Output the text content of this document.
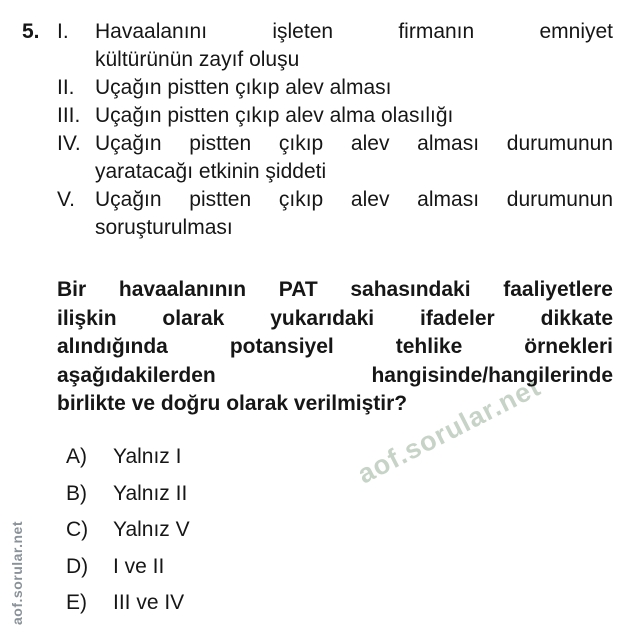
aof.sorular.net
aof.sorular.net
5. I.	Havaalanını işleten firmanın emniyet
kültürünün zayıf oluşu
II. Uçağın pistten çıkıp alev alması
III. Uçağın pistten çıkıp alev alma olasılığı
IV. Uçağın pistten çıkıp alev alması durumunun
yaratacağı etkinin şiddeti
V. Uçağın pistten çıkıp alev alması durumunun
soruşturulması
Bir havaalanının PAT sahasındaki faaliyetlere
ilişkin olarak yukarıdaki ifadeler dikkate
alındığında potansiyel tehlike örnekleri
aşağıdakilerden hangisinde/hangilerinde
birlikte ve doğru olarak verilmiştir?
A)	Yalnız I
B)	Yalnız II
C)	Yalnız V
D)	I ve II
E)	III ve IV
